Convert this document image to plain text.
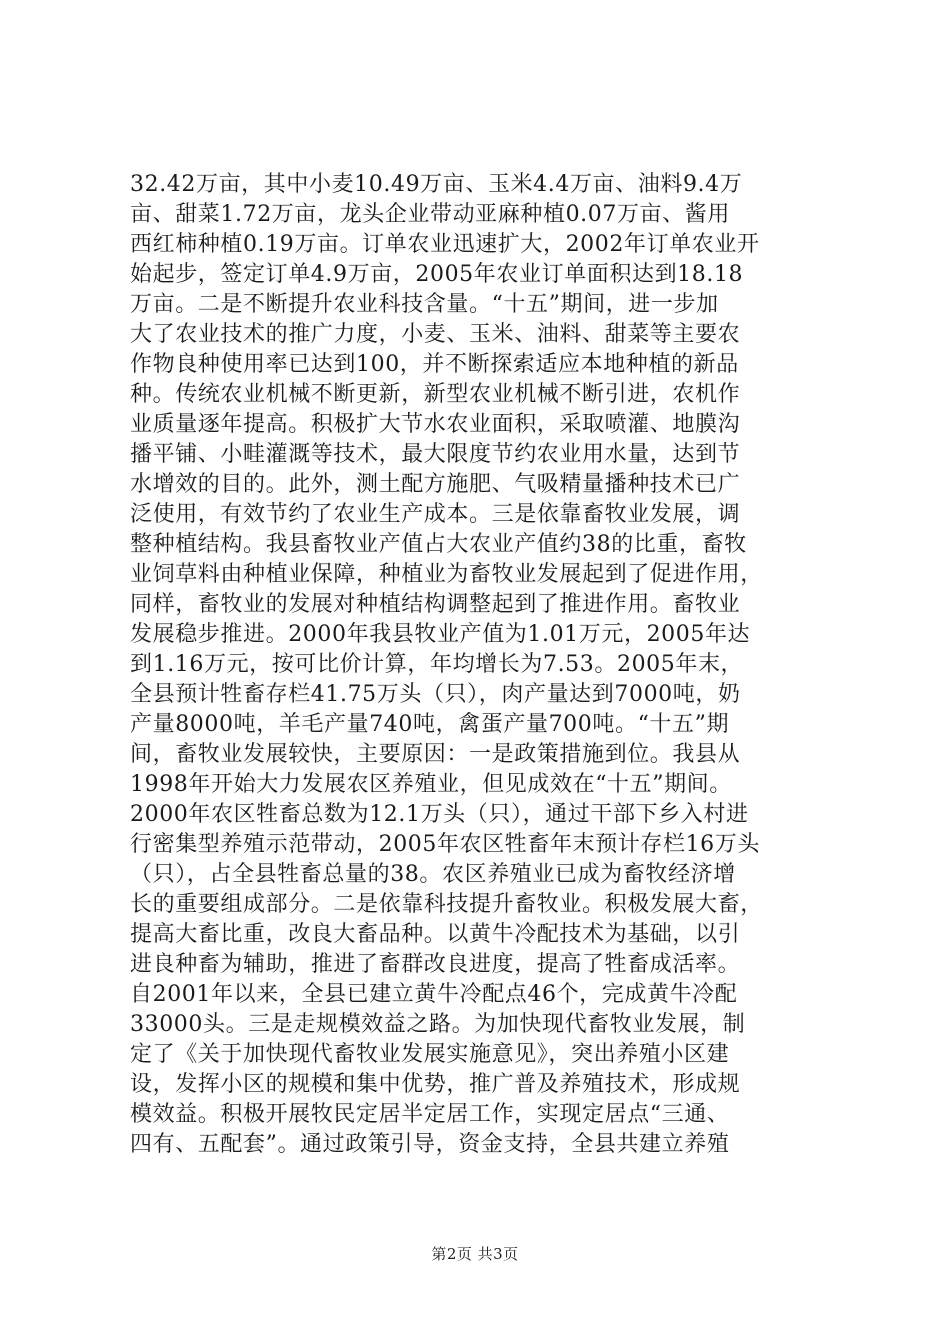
32.42万亩，其中小麦10.49万亩、玉米4.4万亩、油料9.4万
亩、甜菜1.72万亩，龙头企业带动亚麻种植0.07万亩、酱用
西红柿种植0.19万亩。订单农业迅速扩大，2002年订单农业开
始起步，签定订单4.9万亩，2005年农业订单面积达到18.18
万亩。二是不断提升农业科技含量。“十五”期间，进一步加
大了农业技术的推广力度，小麦、玉米、油料、甜菜等主要农
作物良种使用率已达到100，并不断探索适应本地种植的新品
种。传统农业机械不断更新，新型农业机械不断引进，农机作
业质量逐年提高。积极扩大节水农业面积，采取喷灌、地膜沟
播平铺、小畦灌溉等技术，最大限度节约农业用水量，达到节
水增效的目的。此外，测土配方施肥、气吸精量播种技术已广
泛使用，有效节约了农业生产成本。三是依靠畜牧业发展，调
整种植结构。我县畜牧业产值占大农业产值约38的比重，畜牧
业饲草料由种植业保障，种植业为畜牧业发展起到了促进作用，
同样，畜牧业的发展对种植结构调整起到了推进作用。畜牧业
发展稳步推进。2000年我县牧业产值为1.01万元，2005年达
到1.16万元，按可比价计算，年均增长为7.53。2005年末，
全县预计牲畜存栏41.75万头（只），肉产量达到7000吨，奶
产量8000吨，羊毛产量740吨，禽蛋产量700吨。“十五”期
间，畜牧业发展较快，主要原因：一是政策措施到位。我县从
1998年开始大力发展农区养殖业，但见成效在“十五”期间。
2000年农区牲畜总数为12.1万头（只），通过干部下乡入村进
行密集型养殖示范带动，2005年农区牲畜年末预计存栏16万头
（只），占全县牲畜总量的38。农区养殖业已成为畜牧经济增
长的重要组成部分。二是依靠科技提升畜牧业。积极发展大畜，
提高大畜比重，改良大畜品种。以黄牛冷配技术为基础，以引
进良种畜为辅助，推进了畜群改良进度，提高了牲畜成活率。
自2001年以来，全县已建立黄牛冷配点46个，完成黄牛冷配
33000头。三是走规模效益之路。为加快现代畜牧业发展，制
定了《关于加快现代畜牧业发展实施意见》，突出养殖小区建
设，发挥小区的规模和集中优势，推广普及养殖技术，形成规
模效益。积极开展牧民定居半定居工作，实现定居点“三通、
四有、五配套”。通过政策引导，资金支持，全县共建立养殖
第2页 共3页
